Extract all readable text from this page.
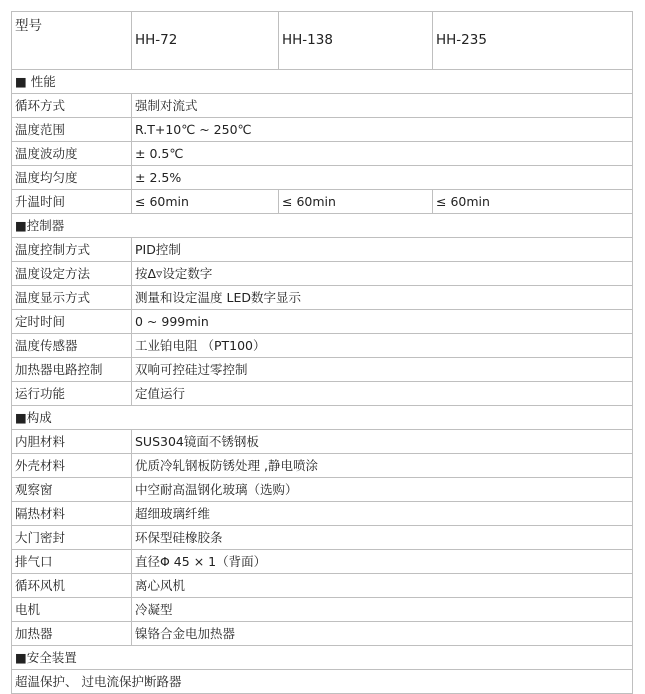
型号	HH-72	HH-138	HH-235
■ 性能			
循环方式	强制对流式		
温度范围	R.T+10℃ ~ 250℃		
温度波动度	± 0.5℃		
温度均匀度	± 2.5%		
升温时间	≤ 60min	≤ 60min	≤ 60min
■控制器			
温度控制方式	PID控制		
温度设定方法	按Δ▿设定数字		
温度显示方式	测量和设定温度 LED数字显示		
定时时间	0 ~ 999min		
温度传感器	工业铂电阻 （PT100）		
加热器电路控制	双响可控硅过零控制		
运行功能	定值运行		
■构成			
内胆材料	SUS304镜面不锈钢板		
外壳材料	优质冷轧钢板防锈处理 ,静电喷涂		
观察窗	中空耐高温钢化玻璃（选购）		
隔热材料	超细玻璃纤维		
大门密封	环保型硅橡胶条		
排气口	直径Φ 45 × 1（背面）		
循环风机	离心风机		
电机	冷凝型		
加热器	镍铬合金电加热器		
■安全装置			
超温保护、 过电流保护断路器			
